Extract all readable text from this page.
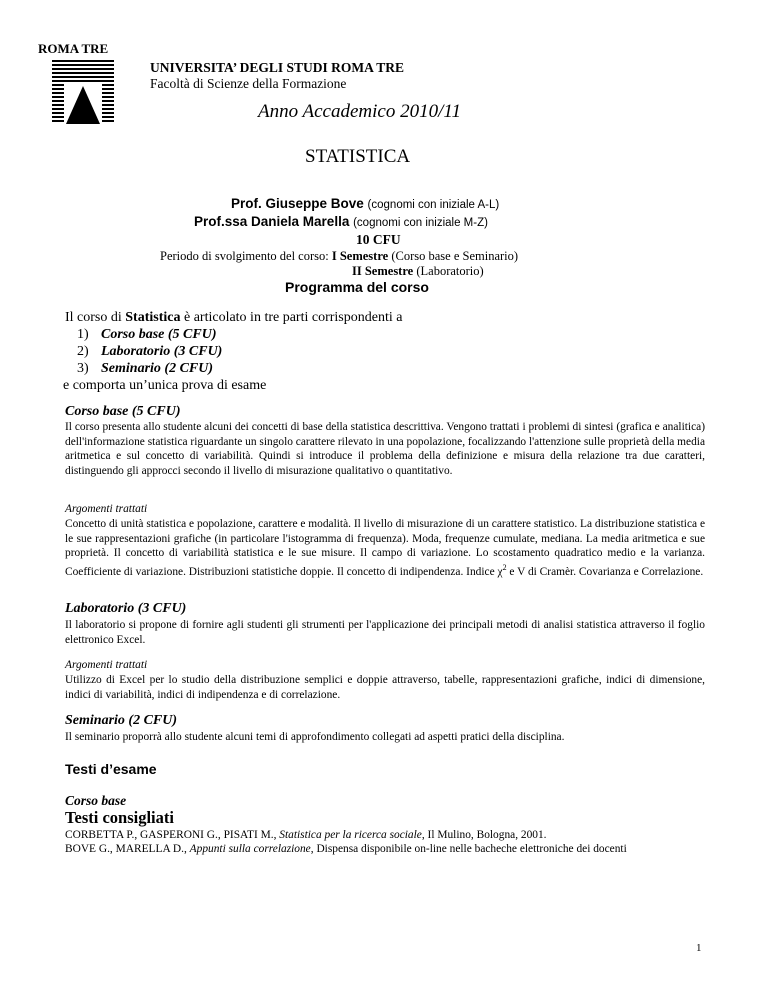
ROMA TRE
UNIVERSITA’ DEGLI STUDI ROMA TRE
Facoltà di Scienze della Formazione
Anno Accademico 2010/11
STATISTICA
Prof. Giuseppe Bove (cognomi con iniziale A-L)
Prof.ssa Daniela Marella (cognomi con iniziale M-Z)
10 CFU
Periodo di svolgimento del corso: I Semestre (Corso base e Seminario)
II Semestre (Laboratorio)
Programma del corso
Il corso di Statistica è articolato in tre parti corrispondenti a
1) Corso base (5 CFU)
2) Laboratorio (3 CFU)
3) Seminario (2 CFU)
e comporta un’unica prova di esame
Corso base (5 CFU)
Il corso presenta allo studente alcuni dei concetti di base della statistica descrittiva. Vengono trattati i problemi di sintesi (grafica e analitica) dell'informazione statistica riguardante un singolo carattere rilevato in una popolazione, focalizzando l'attenzione sulle proprietà della media aritmetica e sul concetto di variabilità. Quindi si introduce il problema della definizione e misura della relazione tra due caratteri, distinguendo gli approcci secondo il livello di misurazione qualitativo o quantitativo.
Argomenti trattati
Concetto di unità statistica e popolazione, carattere e modalità. Il livello di misurazione di un carattere statistico. La distribuzione statistica e le sue rappresentazioni grafiche (in particolare l'istogramma di frequenza). Moda, frequenze cumulate, mediana. La media aritmetica e sue proprietà. Il concetto di variabilità statistica e le sue misure. Il campo di variazione. Lo scostamento quadratico medio e la varianza. Coefficiente di variazione. Distribuzioni statistiche doppie. Il concetto di indipendenza. Indice $\chi^2$ e V di Cramèr. Covarianza e Correlazione.
Laboratorio (3 CFU)
Il laboratorio si propone di fornire agli studenti gli strumenti per l'applicazione dei principali metodi di analisi statistica attraverso il foglio elettronico Excel.
Argomenti trattati
Utilizzo di Excel per lo studio della distribuzione semplici e doppie attraverso, tabelle, rappresentazioni grafiche, indici di dimensione, indici di variabilità, indici di indipendenza e di correlazione.
Seminario (2 CFU)
Il seminario proporrà allo studente alcuni temi di approfondimento collegati ad aspetti pratici della disciplina.
Testi d’esame
Corso base
Testi consigliati
CORBETTA P., GASPERONI G., PISATI M., Statistica per la ricerca sociale, Il Mulino, Bologna, 2001.
BOVE G., MARELLA D., Appunti sulla correlazione, Dispensa disponibile on-line nelle bacheche elettroniche dei docenti
1
